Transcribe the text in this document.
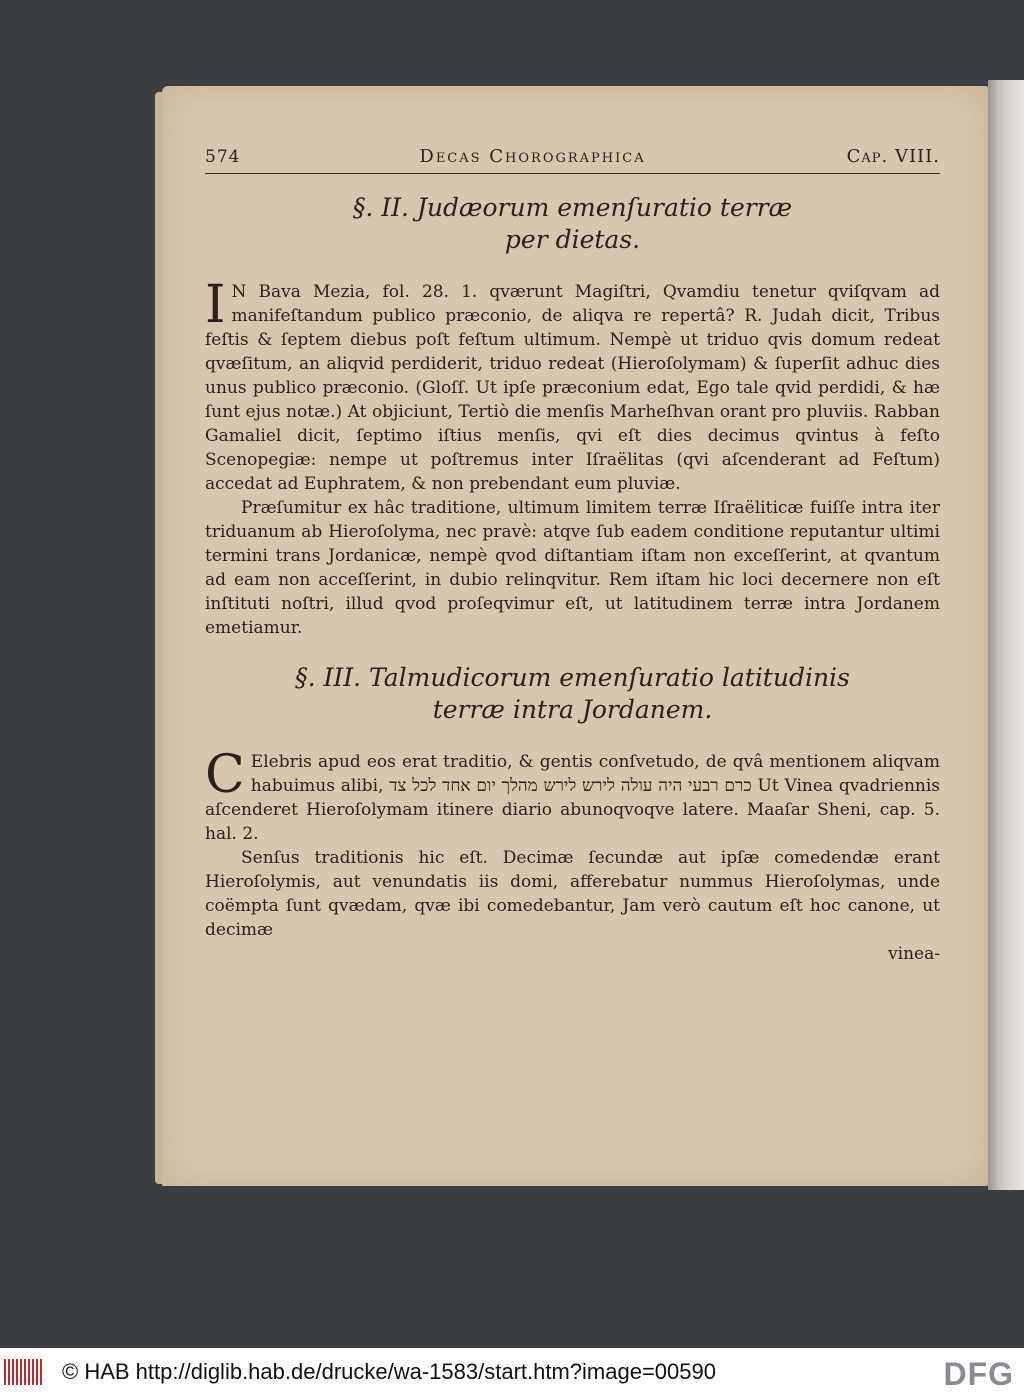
574	Decas Chorographica	Cap. VIII.
§. II. Judæorum emenſuratio terræ
per dietas.
I N Bava Mezia, fol. 28. 1. qværunt Magiſtri, Qvamdiu tenetur qviſqvam ad manifeſtandum publico præconio, de aliqva re repertâ? R. Judah dicit, Tribus feſtis & ſeptem diebus poſt feſtum ultimum. Nempè ut triduo qvis domum redeat qvæſitum, an aliqvid perdiderit, triduo redeat (Hieroſolymam) & ſuperſit adhuc dies unus publico præconio. (Gloſſ. Ut ipſe præconium edat, Ego tale qvid perdidi, & hæ ſunt ejus notæ.) At objiciunt, Tertiò die menſis Marheſhvan orant pro pluviis. Rabban Gamaliel dicit, ſeptimo iſtius menſis, qvi eſt dies decimus qvintus à feſto Scenopegiæ: nempe ut poſtremus inter Iſraëlitas (qvi aſcenderant ad Feſtum) accedat ad Euphratem, & non prebendant eum pluviæ.

Præſumitur ex hâc traditione, ultimum limitem terræ Iſraëliticæ fuiſſe intra iter triduanum ab Hieroſolyma, nec pravè: atqve ſub eadem conditione reputantur ultimi termini trans Jordanicæ, nempè qvod diſtantiam iſtam non exceſſerint, at qvantum ad eam non acceſſerint, in dubio relinqvitur. Rem iſtam hic loci decernere non eſt inſtituti noſtri, illud qvod proſeqvimur eſt, ut latitudinem terræ intra Jordanem emetiamur.

§. III. Talmudicorum emenſuratio latitudinis
terræ intra Jordanem.
C Elebris apud eos erat traditio, & gentis conſvetudo, de qvâ mentionem aliqvam habuimus alibi, כרם רבעי היה עולה לירש לירש מהלך יום אחד לכל צד Ut Vinea qvadriennis aſcenderet Hieroſolymam itinere diario abunoqvoqve latere. Maaſar Sheni, cap. 5. hal. 2.

Senſus traditionis hic eſt. Decimæ ſecundæ aut ipſæ comedendæ erant Hieroſolymis, aut venundatis iis domi, afferebatur nummus Hieroſolymas, unde coëmpta ſunt qvædam, qvæ ibi comedebantur, Jam verò cautum eſt hoc canone, ut decimæ

vinea-
© HAB http://diglib.hab.de/drucke/wa-1583/start.htm?image=00590	DFG
